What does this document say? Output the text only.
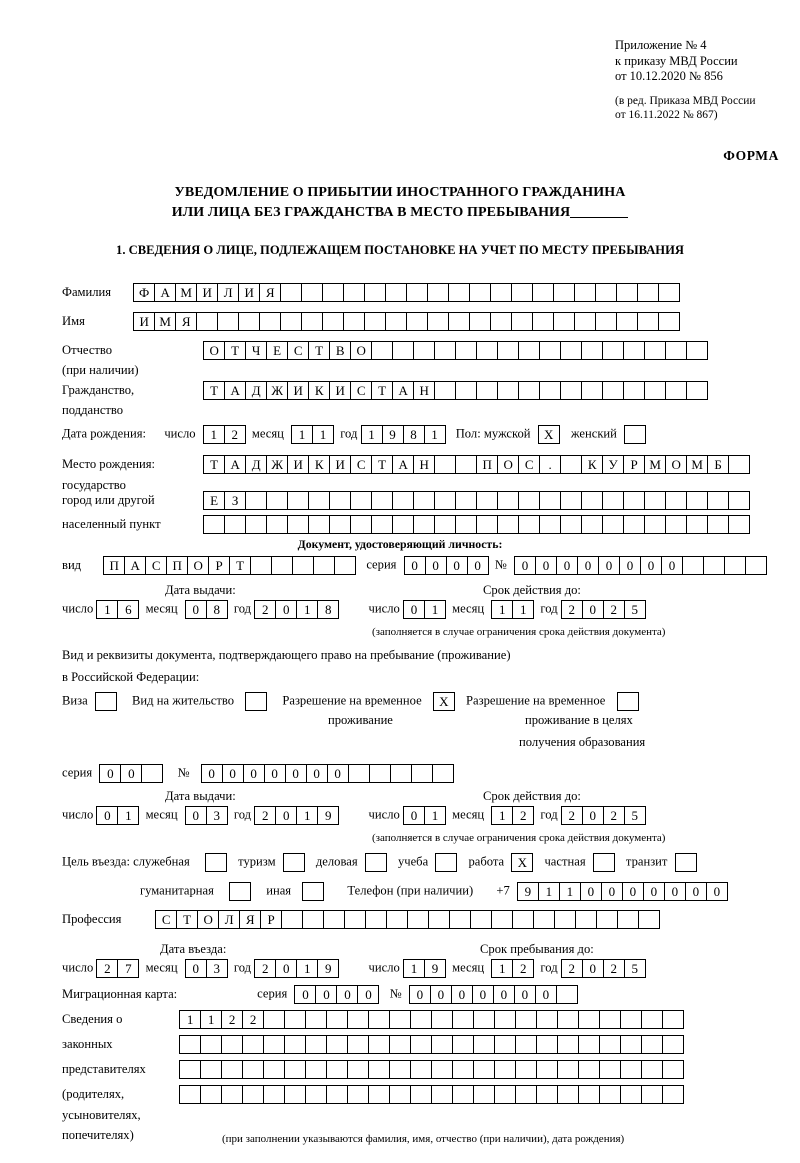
Приложение № 4
к приказу МВД России
от 10.12.2020 № 856
(в ред. Приказа МВД России
от 16.11.2022 № 867)
ФОРМА
УВЕДОМЛЕНИЕ О ПРИБЫТИИ ИНОСТРАННОГО ГРАЖДАНИНА
ИЛИ ЛИЦА БЕЗ ГРАЖДАНСТВА В МЕСТО ПРЕБЫВАНИЯ
1. СВЕДЕНИЯ О ЛИЦЕ, ПОДЛЕЖАЩЕМ ПОСТАНОВКЕ НА УЧЕТ ПО МЕСТУ ПРЕБЫВАНИЯ
Фамилия Ф А М И Л И Я
Имя	И М Я
Отчество	О Т Ч Е С Т В О
(при наличии)
Гражданство,	Т А Д Ж И К И С Т А Н
подданство
Дата рождения: число 1 2 месяц 1 1 год 1 9 8 1 Пол: мужской Х женский
Место рождения:	Т А Д Ж И К И С Т А Н	П О С .	К У Р М О М Б
государство
город или другой	Е З
населенный пункт
Документ, удостоверяющий личность:
вид П А С П О Р Т	серия 0 0 0 0 № 0 0 0 0 0 0 0 0
Дата выдачи:	Срок действия до:
число 1 6 месяц 0 8 год 2 0 1 8	число 0 1 месяц 1 1 год 2 0 2 5
(заполняется в случае ограничения срока действия документа)
Вид и реквизиты документа, подтверждающего право на пребывание (проживание)
в Российской Федерации:
Виза	Вид на жительство	Разрешение на временное Х Разрешение на временное
проживание	проживание в целях
получения образования
серия 0 0	№ 0 0 0 0 0 0 0
Дата выдачи:	Срок действия до:
число 0 1 месяц 0 3 год 2 0 1 9	число 0 1 месяц 1 2 год 2 0 2 5
(заполняется в случае ограничения срока действия документа)
Цель въезда: служебная	туризм	деловая	учеба	работа Х частная	транзит
гуманитарная	иная	Телефон (при наличии) +7 9 1 1 0 0 0 0 0 0 0
Профессия	С Т О Л Я Р
Дата въезда:	Срок пребывания до:
число 2 7 месяц 0 3 год 2 0 1 9	число 1 9 месяц 1 2 год 2 0 2 5
Миграционная карта:	серия 0 0 0 0 № 0 0 0 0 0 0 0
Сведения о	1 1 2 2
законных
представителях
(родителях,
усыновителях,
попечителях)	(при заполнении указываются фамилия, имя, отчество (при наличии), дата рождения)
